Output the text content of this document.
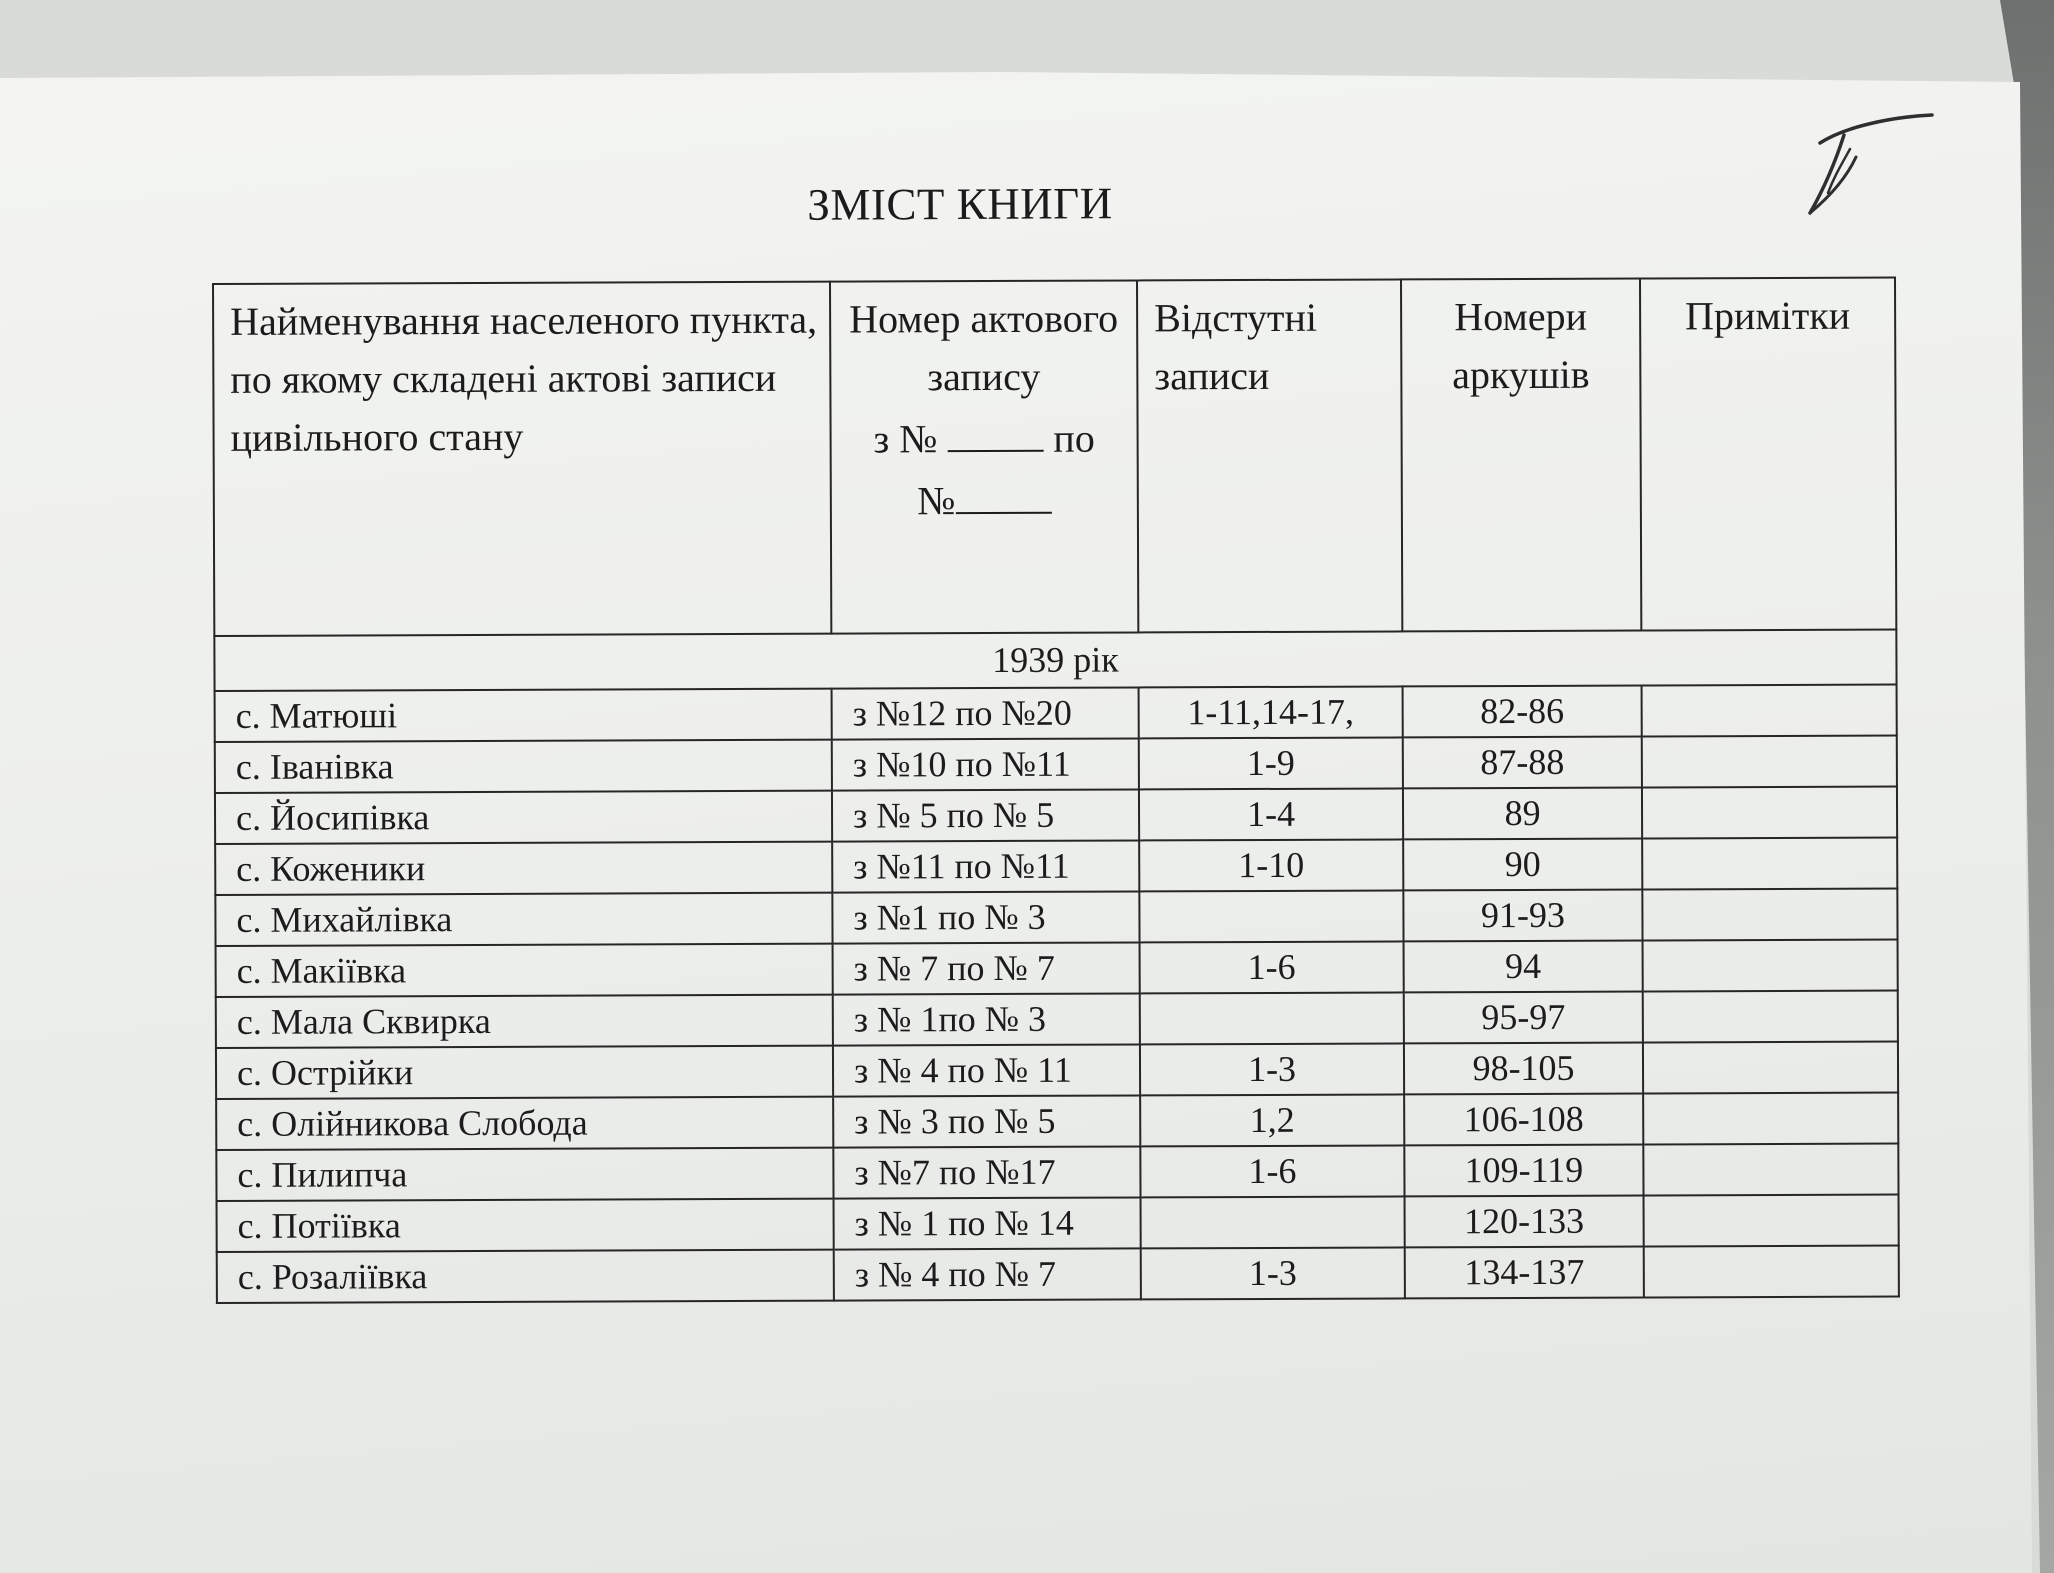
ЗМІСТ КНИГИ
Найменування населеного пункта, по якому складені актові записи цивільного стану	Номер актового запису
з № по
№	Відстутні записи	Номери аркушів	Примітки
1939 рік				
с. Матюші	з №12 по №20	1-11,14-17,	82-86	
с. Іванівка	з №10 по №11	1-9	87-88	
с. Йосипівка	з № 5 по № 5	1-4	89	
с. Коженики	з №11 по №11	1-10	90	
с. Михайлівка	з №1 по № 3		91-93	
с. Макіївка	з № 7 по № 7	1-6	94	
с. Мала Сквирка	з № 1по № 3		95-97	
с. Острійки	з № 4 по № 11	1-3	98-105	
с. Олійникова Слобода	з № 3 по № 5	1,2	106-108	
с. Пилипча	з №7 по №17	1-6	109-119	
с. Потіївка	з № 1 по № 14		120-133	
с. Розаліївка	з № 4 по № 7	1-3	134-137	
